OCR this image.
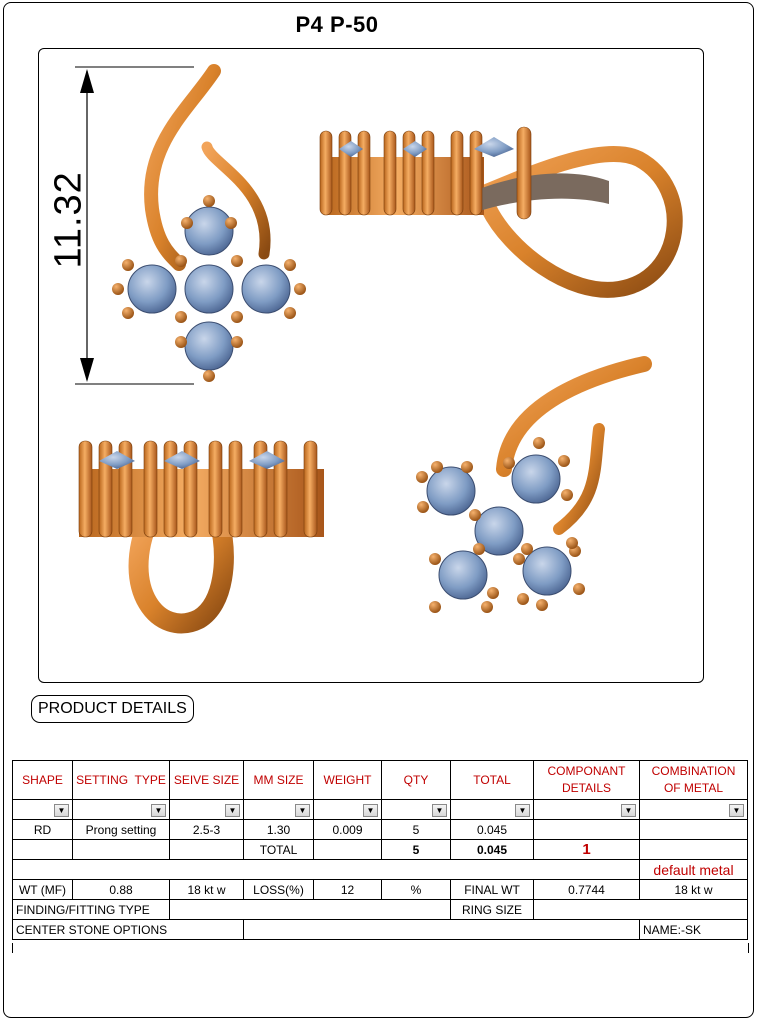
P4 P-50
11.32
PRODUCT DETAILS
SHAPE	SETTING  TYPE	SEIVE SIZE	MM SIZE	WEIGHT	QTY	TOTAL	COMPONANT DETAILS	COMBINATION OF METAL

▼	▼	▼	▼	▼	▼	▼	▼	▼

RD	Prong setting	2.5-3	1.30	0.009	5	0.045		
			TOTAL		5	0.045	1	
								default metal
WT (MF)	0.88	18 kt w	LOSS(%)	12	%	FINAL WT	0.7744	18 kt w
FINDING/FITTING TYPE						RING SIZE		
CENTER STONE OPTIONS								NAME:-SK
